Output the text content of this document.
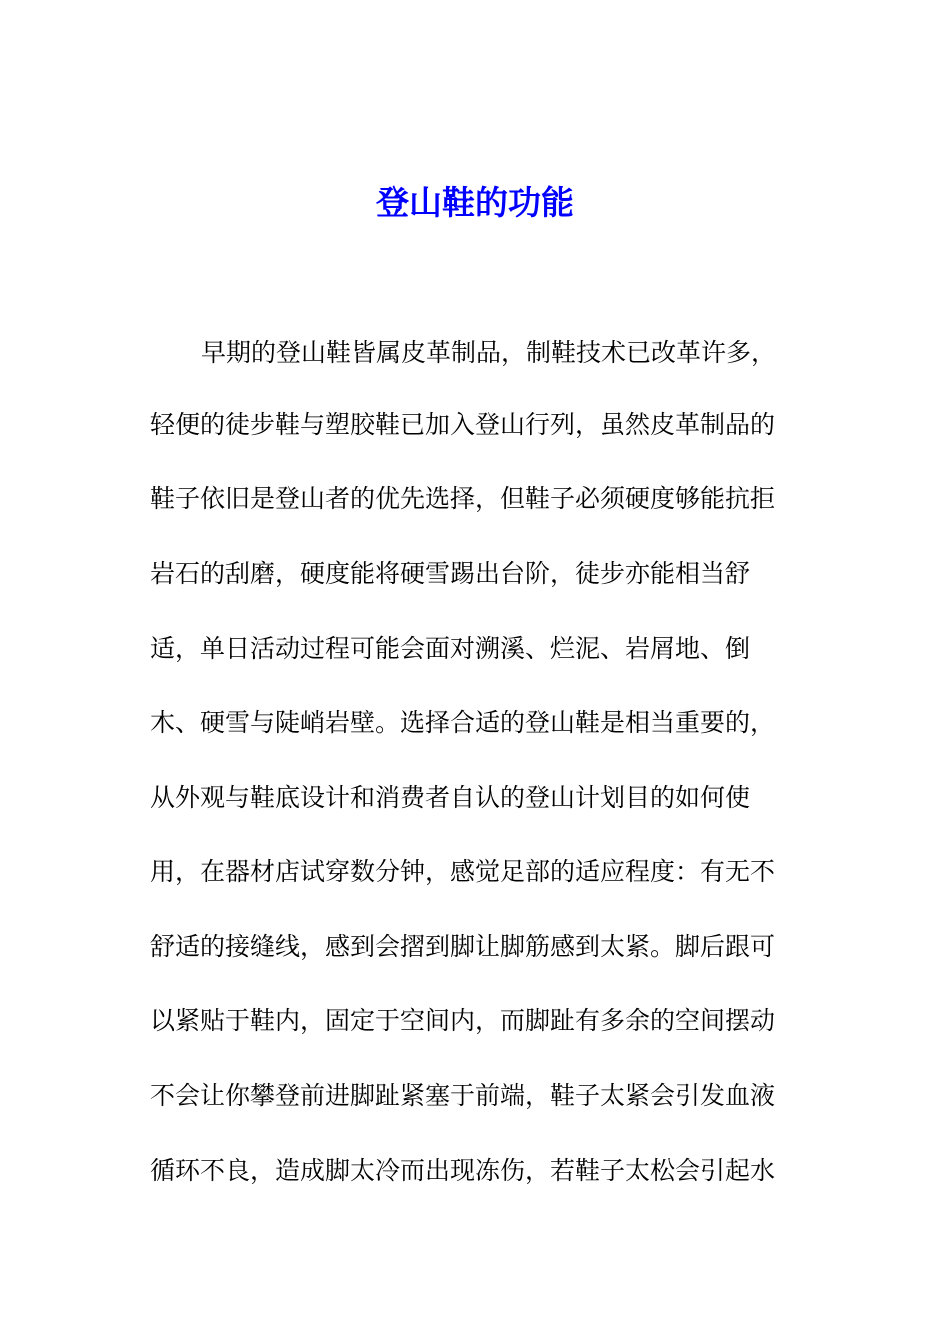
登山鞋的功能
早期的登山鞋皆属皮革制品，制鞋技术已改革许多，
轻便的徒步鞋与塑胶鞋已加入登山行列，虽然皮革制品的
鞋子依旧是登山者的优先选择，但鞋子必须硬度够能抗拒
岩石的刮磨，硬度能将硬雪踢出台阶，徒步亦能相当舒
适，单日活动过程可能会面对溯溪、烂泥、岩屑地、倒
木、硬雪与陡峭岩壁。选择合适的登山鞋是相当重要的，
从外观与鞋底设计和消费者自认的登山计划目的如何使
用，在器材店试穿数分钟，感觉足部的适应程度：有无不
舒适的接缝线，感到会摺到脚让脚筋感到太紧。脚后跟可
以紧贴于鞋内，固定于空间内，而脚趾有多余的空间摆动
不会让你攀登前进脚趾紧塞于前端，鞋子太紧会引发血液
循环不良，造成脚太冷而出现冻伤，若鞋子太松会引起水
